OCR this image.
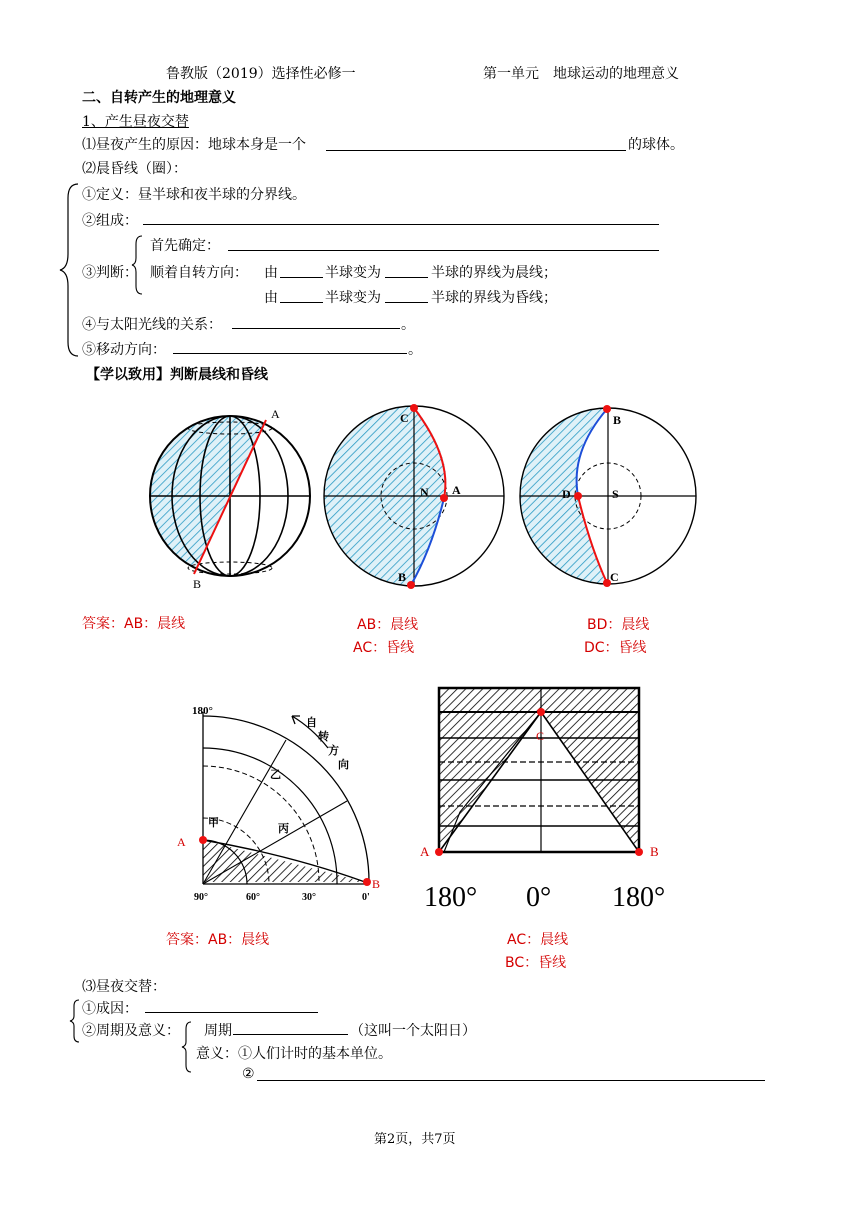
鲁教版（2019）选择性必修一	第一单元　地球运动的地理意义
二、自转产生的地理意义
1、产生昼夜交替
⑴昼夜产生的原因：地球本身是一个	的球体。
⑵晨昏线（圈）：
①定义：昼半球和夜半球的分界线。
②组成：
③判断：
首先确定：
顺着自转方向： 由	半球变为	半球的界线为晨线；
由	半球变为	半球的界线为昏线；
④与太阳光线的关系：	。
⑤移动方向：	。
【学以致用】判断晨线和昏线
A
B
C
N A
B
B
D	S
C
180°
90°	60°	30°	0'
自
转
方
向
甲
乙
丙
A
B
C
A	B
180° 0° 180°
答案：AB：晨线	AB：晨线
AC：昏线
BD：晨线
DC：昏线
答案：AB：晨线	AC：晨线
BC：昏线
⑶昼夜交替：
①成因：
②周期及意义： 周期	（这叫一个太阳日）
意义：①人们计时的基本单位。
②
第2页，共7页
